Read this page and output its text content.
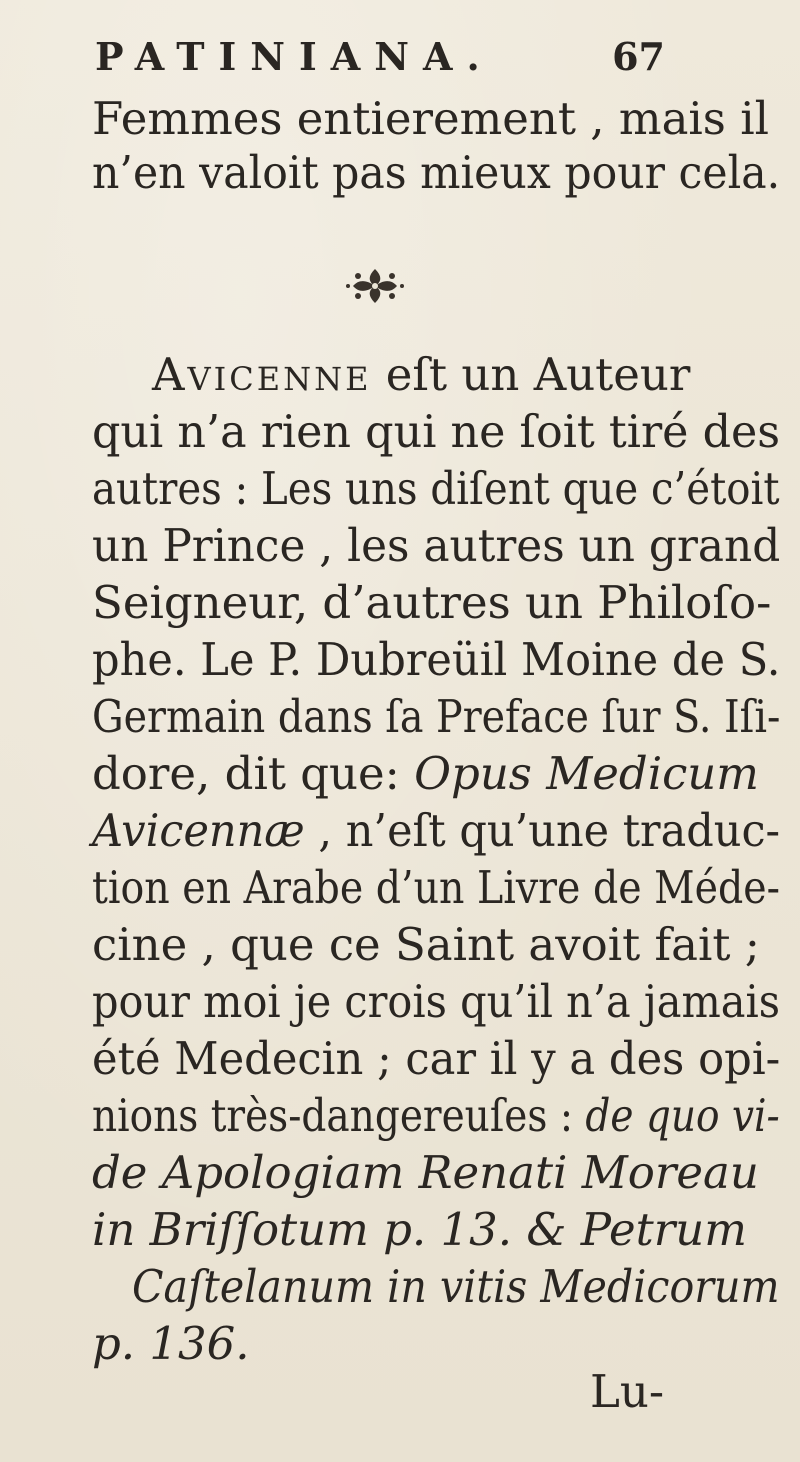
PATINIANA.	67
Femmes entierement , mais il
n’en valoit pas mieux pour cela.
Avicenne eſt un Auteur
qui n’a rien qui ne ſoit tiré des
autres : Les uns diſent que c’étoit
un Prince , les autres un grand
Seigneur, d’autres un Philoſo-
phe. Le P. Dubreüil Moine de S.
Germain dans ſa Preface ſur S. Iſi-
dore, dit que: Opus Medicum
Avicennæ , n’eſt qu’une traduc-
tion en Arabe d’un Livre de Méde-
cine , que ce Saint avoit fait ;
pour moi je crois qu’il n’a jamais
été Medecin ; car il y a des opi-
nions très-dangereuſes : de quo vi-
de Apologiam Renati Moreau
in Briſſotum p. 13. & Petrum
Caſtelanum in vitis Medicorum
p. 136.
Lu-
